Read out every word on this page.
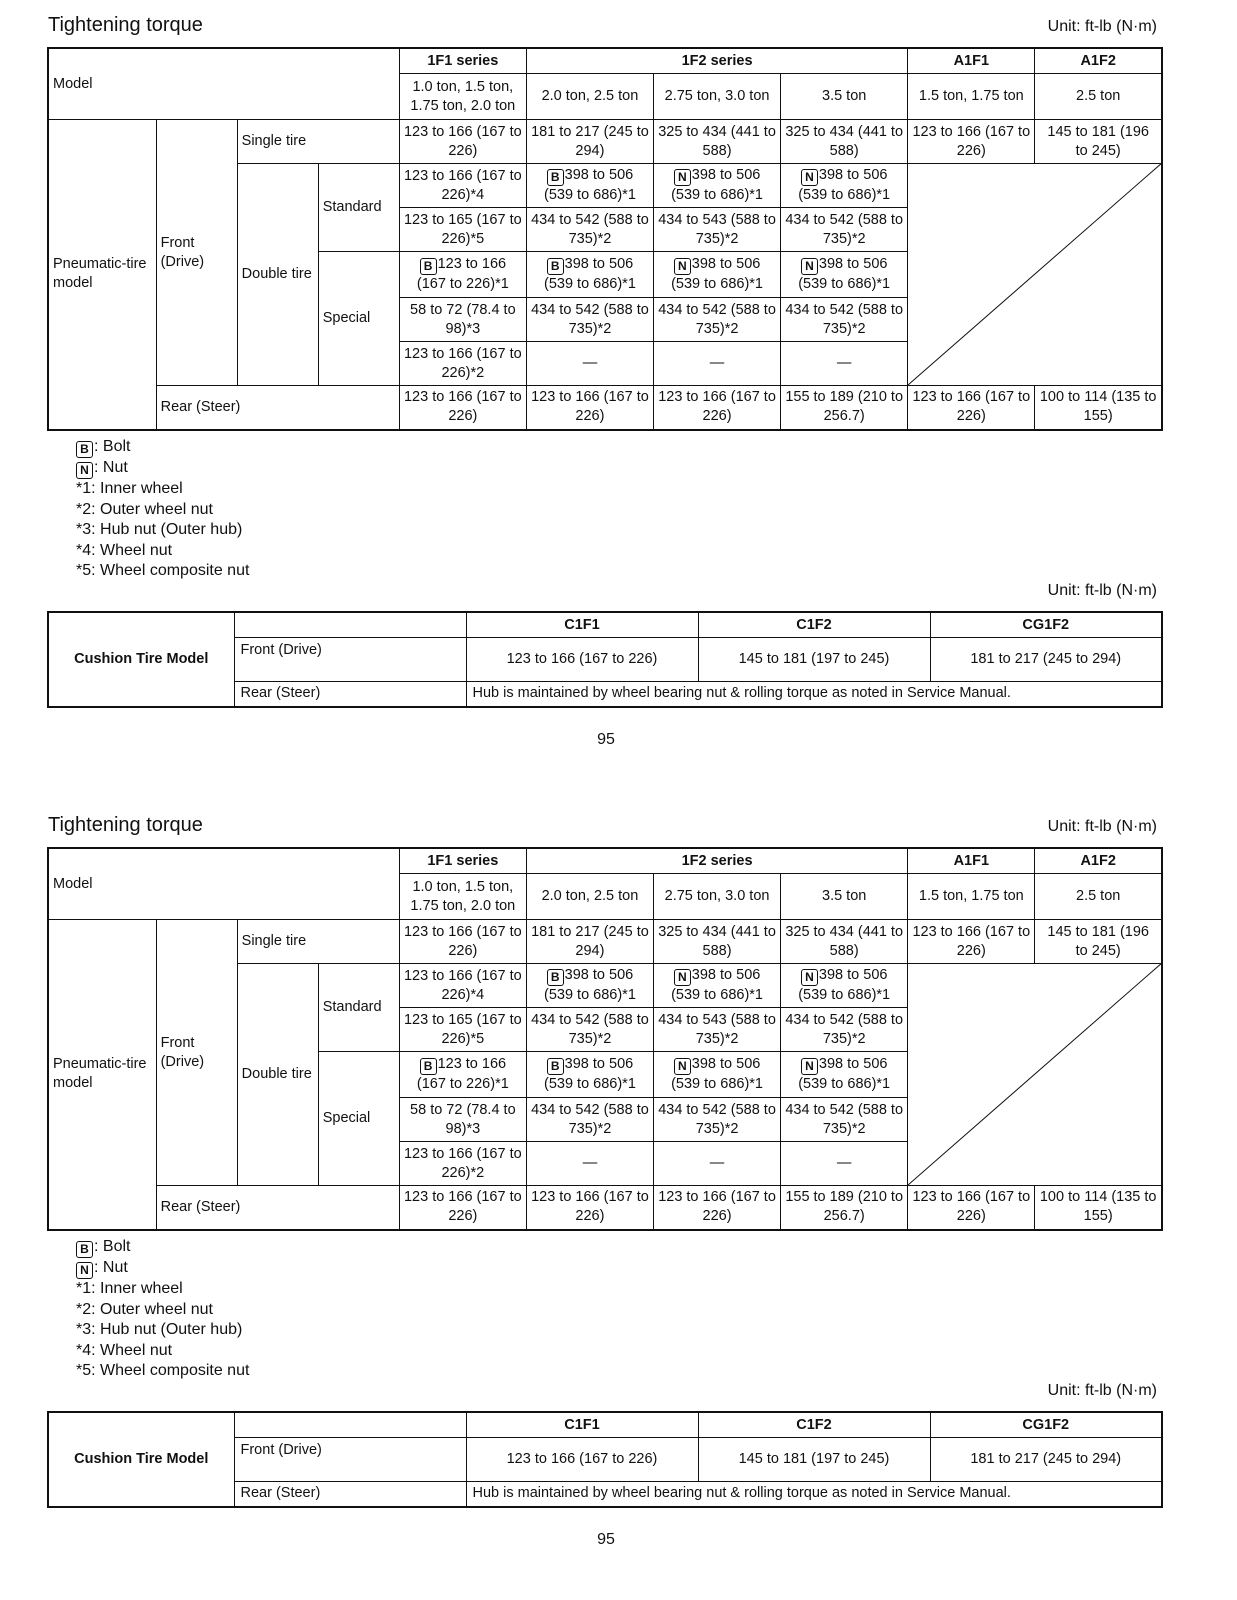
Tightening torque	Unit: ft-lb (N·m)
Model				1F1 series	1F2 series			A1F1	A1F2
				1.0 ton, 1.5 ton, 1.75 ton, 2.0 ton	2.0 ton, 2.5 ton	2.75 ton, 3.0 ton	3.5 ton	1.5 ton, 1.75 ton	2.5 ton
Pneumatic-tire model	Front (Drive)	Single tire		123 to 166 (167 to 226)	181 to 217 (245 to 294)	325 to 434 (441 to 588)	325 to 434 (441 to 588)	123 to 166 (167 to 226)	145 to 181 (196 to 245)
		Double tire	Standard	123 to 166 (167 to 226)*4	B 398 to 506 (539 to 686)*1	N 398 to 506 (539 to 686)*1	N 398 to 506 (539 to 686)*1	

				123 to 165 (167 to 226)*5	434 to 542 (588 to 735)*2	434 to 543 (588 to 735)*2	434 to 542 (588 to 735)*2		
			Special	B 123 to 166 (167 to 226)*1	B 398 to 506 (539 to 686)*1	N 398 to 506 (539 to 686)*1	N 398 to 506 (539 to 686)*1		
				58 to 72 (78.4 to 98)*3	434 to 542 (588 to 735)*2	434 to 542 (588 to 735)*2	434 to 542 (588 to 735)*2		
				123 to 166 (167 to 226)*2	—	—	—		
	Rear (Steer)			123 to 166 (167 to 226)	123 to 166 (167 to 226)	123 to 166 (167 to 226)	155 to 189 (210 to 256.7)	123 to 166 (167 to 226)	100 to 114 (135 to 155)
B : Bolt
N : Nut
*1: Inner wheel
*2: Outer wheel nut
*3: Hub nut (Outer hub)
*4: Wheel nut
*5: Wheel composite nut
Unit: ft-lb (N·m)
Cushion Tire Model		C1F1	C1F2	CG1F2
	Front (Drive)	123 to 166 (167 to 226)	145 to 181 (197 to 245)	181 to 217 (245 to 294)
	Rear (Steer)	Hub is maintained by wheel bearing nut & rolling torque as noted in Service Manual.		
95
Tightening torque	Unit: ft-lb (N·m)
Model				1F1 series	1F2 series			A1F1	A1F2
				1.0 ton, 1.5 ton, 1.75 ton, 2.0 ton	2.0 ton, 2.5 ton	2.75 ton, 3.0 ton	3.5 ton	1.5 ton, 1.75 ton	2.5 ton
Pneumatic-tire model	Front (Drive)	Single tire		123 to 166 (167 to 226)	181 to 217 (245 to 294)	325 to 434 (441 to 588)	325 to 434 (441 to 588)	123 to 166 (167 to 226)	145 to 181 (196 to 245)
		Double tire	Standard	123 to 166 (167 to 226)*4	B 398 to 506 (539 to 686)*1	N 398 to 506 (539 to 686)*1	N 398 to 506 (539 to 686)*1	

				123 to 165 (167 to 226)*5	434 to 542 (588 to 735)*2	434 to 543 (588 to 735)*2	434 to 542 (588 to 735)*2		
			Special	B 123 to 166 (167 to 226)*1	B 398 to 506 (539 to 686)*1	N 398 to 506 (539 to 686)*1	N 398 to 506 (539 to 686)*1		
				58 to 72 (78.4 to 98)*3	434 to 542 (588 to 735)*2	434 to 542 (588 to 735)*2	434 to 542 (588 to 735)*2		
				123 to 166 (167 to 226)*2	—	—	—		
	Rear (Steer)			123 to 166 (167 to 226)	123 to 166 (167 to 226)	123 to 166 (167 to 226)	155 to 189 (210 to 256.7)	123 to 166 (167 to 226)	100 to 114 (135 to 155)
B : Bolt
N : Nut
*1: Inner wheel
*2: Outer wheel nut
*3: Hub nut (Outer hub)
*4: Wheel nut
*5: Wheel composite nut
Unit: ft-lb (N·m)
Cushion Tire Model		C1F1	C1F2	CG1F2
	Front (Drive)	123 to 166 (167 to 226)	145 to 181 (197 to 245)	181 to 217 (245 to 294)
	Rear (Steer)	Hub is maintained by wheel bearing nut & rolling torque as noted in Service Manual.		
95
